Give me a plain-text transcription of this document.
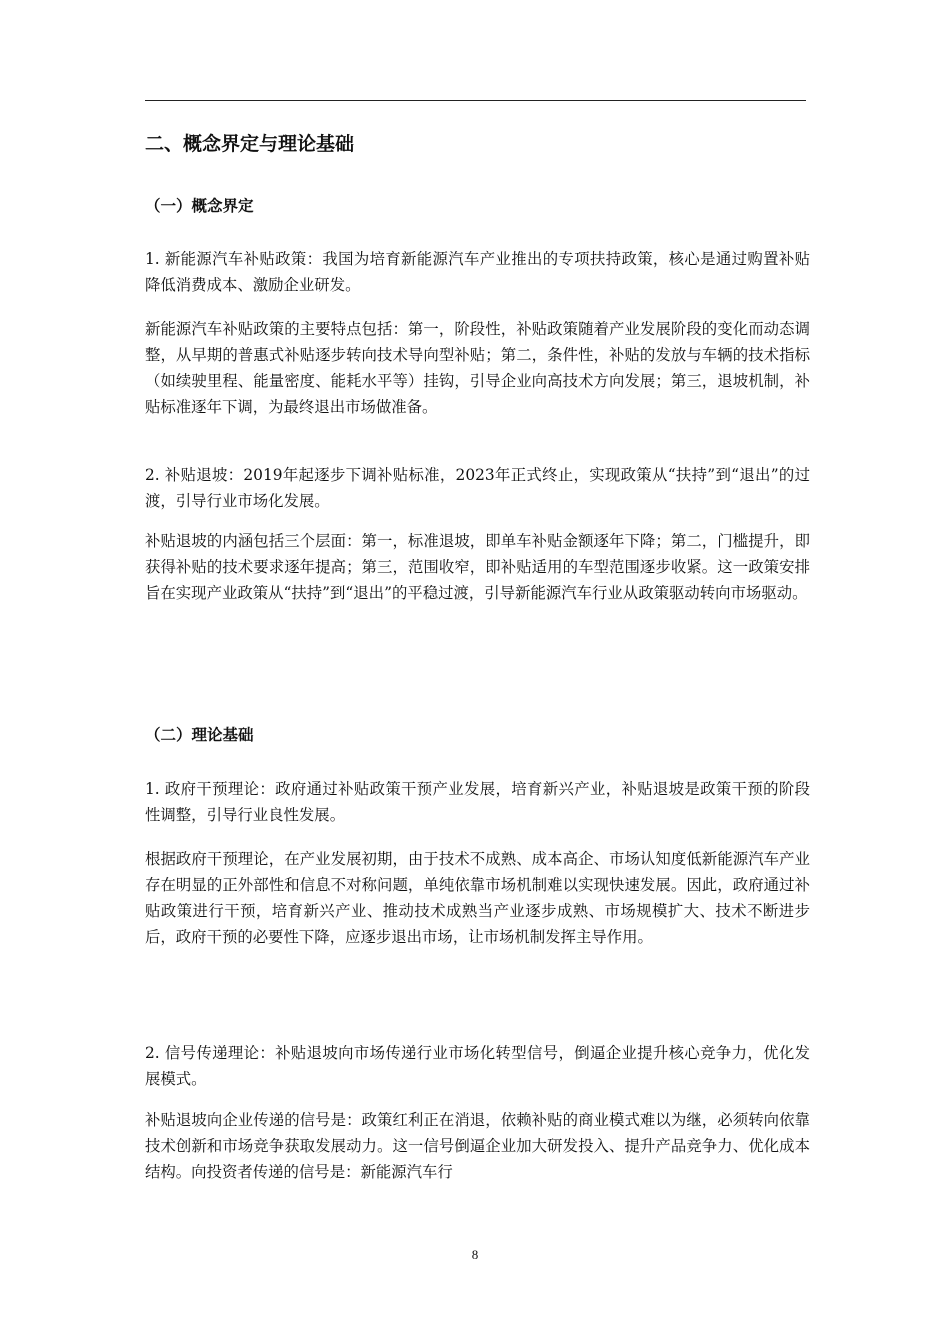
二、概念界定与理论基础
（一）概念界定

1. 新能源汽车补贴政策：我国为培育新能源汽车产业推出的专项扶持政策，核心是通过购置补贴降低消费成本、激励企业研发。

新能源汽车补贴政策的主要特点包括：第一，阶段性，补贴政策随着产业发展阶段的变化而动态调整，从早期的普惠式补贴逐步转向技术导向型补贴；第二，条件性，补贴的发放与车辆的技术指标（如续驶里程、能量密度、能耗水平等）挂钩，引导企业向高技术方向发展；第三，退坡机制，补贴标准逐年下调，为最终退出市场做准备。

2. 补贴退坡：2019年起逐步下调补贴标准，2023年正式终止，实现政策从“扶持”到“退出”的过渡，引导行业市场化发展。

补贴退坡的内涵包括三个层面：第一，标准退坡，即单车补贴金额逐年下降；第二，门槛提升，即获得补贴的技术要求逐年提高；第三，范围收窄，即补贴适用的车型范围逐步收紧。这一政策安排旨在实现产业政策从“扶持”到“退出”的平稳过渡，引导新能源汽车行业从政策驱动转向市场驱动。

（二）理论基础

1. 政府干预理论：政府通过补贴政策干预产业发展，培育新兴产业，补贴退坡是政策干预的阶段性调整，引导行业良性发展。

根据政府干预理论，在产业发展初期，由于技术不成熟、成本高企、市场认知度低新能源汽车产业存在明显的正外部性和信息不对称问题，单纯依靠市场机制难以实现快速发展。因此，政府通过补贴政策进行干预，培育新兴产业、推动技术成熟当产业逐步成熟、市场规模扩大、技术不断进步后，政府干预的必要性下降，应逐步退出市场，让市场机制发挥主导作用。

2. 信号传递理论：补贴退坡向市场传递行业市场化转型信号，倒逼企业提升核心竞争力，优化发展模式。

补贴退坡向企业传递的信号是：政策红利正在消退，依赖补贴的商业模式难以为继，必须转向依靠技术创新和市场竞争获取发展动力。这一信号倒逼企业加大研发投入、提升产品竞争力、优化成本结构。向投资者传递的信号是：新能源汽车行

8
